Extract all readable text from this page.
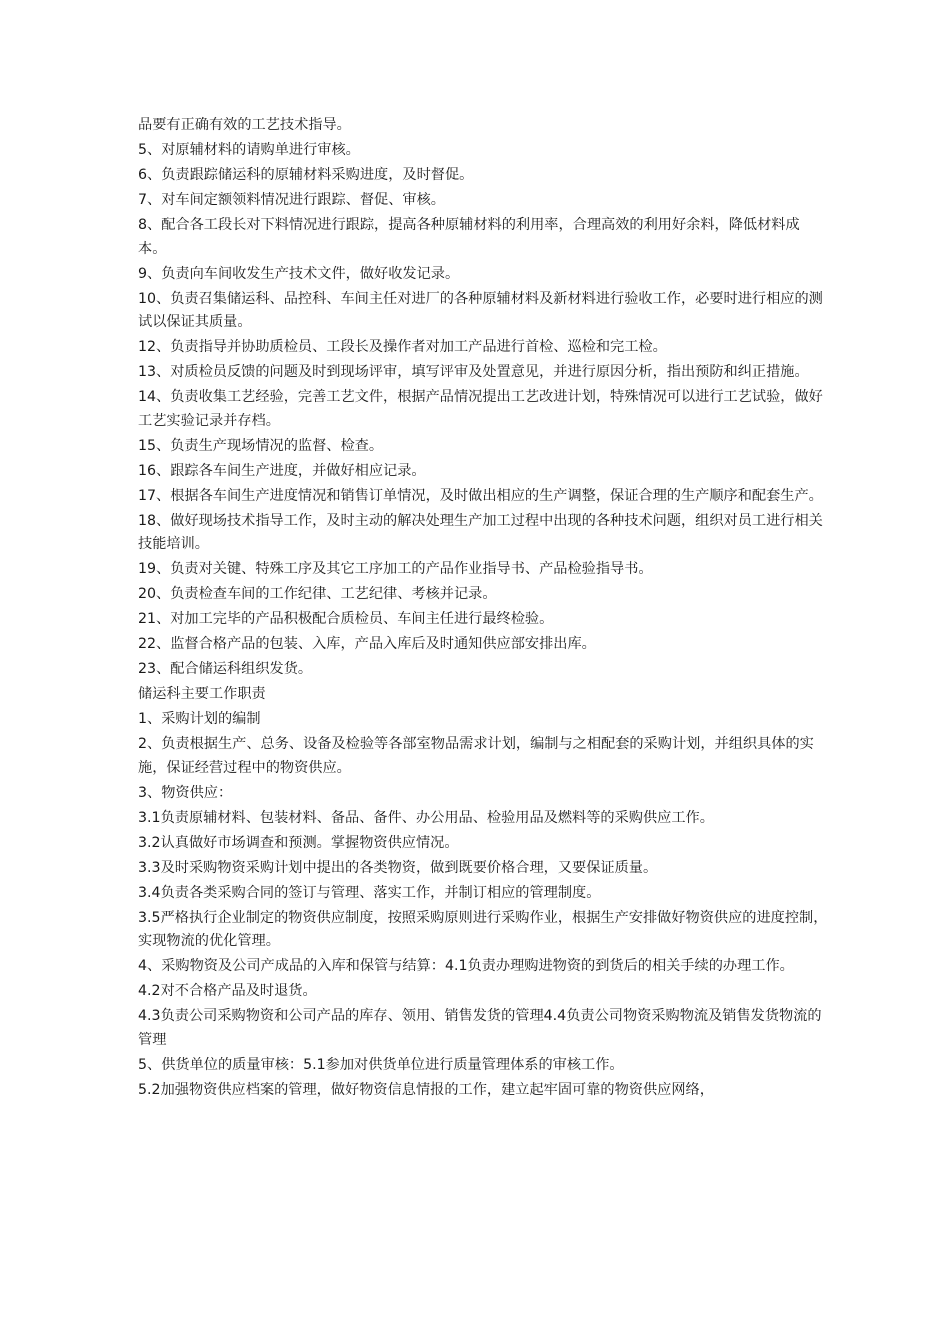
品要有正确有效的工艺技术指导。

5、对原辅材料的请购单进行审核。

6、负责跟踪储运科的原辅材料采购进度，及时督促。

7、对车间定额领料情况进行跟踪、督促、审核。

8、配合各工段长对下料情况进行跟踪，提高各种原辅材料的利用率，合理高效的利用好余料，降低材料成本。

9、负责向车间收发生产技术文件，做好收发记录。

10、负责召集储运科、品控科、车间主任对进厂的各种原辅材料及新材料进行验收工作，必要时进行相应的测试以保证其质量。

12、负责指导并协助质检员、工段长及操作者对加工产品进行首检、巡检和完工检。

13、对质检员反馈的问题及时到现场评审，填写评审及处置意见，并进行原因分析，指出预防和纠正措施。

14、负责收集工艺经验，完善工艺文件，根据产品情况提出工艺改进计划，特殊情况可以进行工艺试验，做好工艺实验记录并存档。

15、负责生产现场情况的监督、检查。

16、跟踪各车间生产进度，并做好相应记录。

17、根据各车间生产进度情况和销售订单情况，及时做出相应的生产调整，保证合理的生产顺序和配套生产。

18、做好现场技术指导工作，及时主动的解决处理生产加工过程中出现的各种技术问题，组织对员工进行相关技能培训。

19、负责对关键、特殊工序及其它工序加工的产品作业指导书、产品检验指导书。

20、负责检查车间的工作纪律、工艺纪律、考核并记录。

21、对加工完毕的产品积极配合质检员、车间主任进行最终检验。

22、监督合格产品的包装、入库，产品入库后及时通知供应部安排出库。

23、配合储运科组织发货。

储运科主要工作职责

1、采购计划的编制

2、负责根据生产、总务、设备及检验等各部室物品需求计划，编制与之相配套的采购计划，并组织具体的实施，保证经营过程中的物资供应。

3、物资供应：

3.1负责原辅材料、包装材料、备品、备件、办公用品、检验用品及燃料等的采购供应工作。

3.2认真做好市场调查和预测。掌握物资供应情况。

3.3及时采购物资采购计划中提出的各类物资，做到既要价格合理，又要保证质量。

3.4负责各类采购合同的签订与管理、落实工作，并制订相应的管理制度。

3.5严格执行企业制定的物资供应制度，按照采购原则进行采购作业，根据生产安排做好物资供应的进度控制，实现物流的优化管理。

4、采购物资及公司产成品的入库和保管与结算：4.1负责办理购进物资的到货后的相关手续的办理工作。

4.2对不合格产品及时退货。

4.3负责公司采购物资和公司产品的库存、领用、销售发货的管理4.4负责公司物资采购物流及销售发货物流的管理

5、供货单位的质量审核：5.1参加对供货单位进行质量管理体系的审核工作。

5.2加强物资供应档案的管理，做好物资信息情报的工作，建立起牢固可靠的物资供应网络，
